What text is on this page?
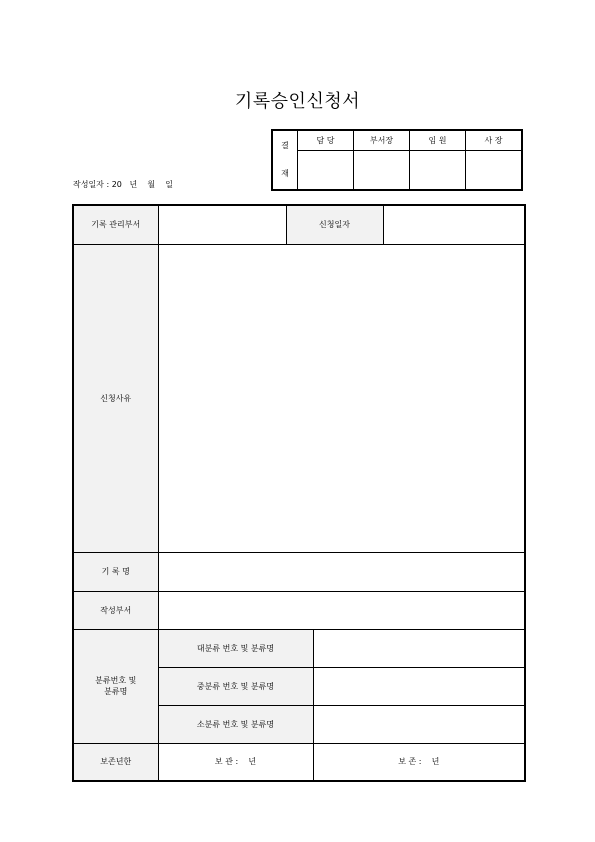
기록승인신청서
결
재	담 당	부서장	임 원	사 장

작성일자 : 20   년    월    일
기록 관리부서		신청일자		
신청사유				
기 록 명				
작성부서				

분류번호 및
분류명	대분류 번호 및 분류명			
	중분류 번호 및 분류명			
	소분류 번호 및 분류명			
보존년한	보 관 :    년		보 존 :    년	
